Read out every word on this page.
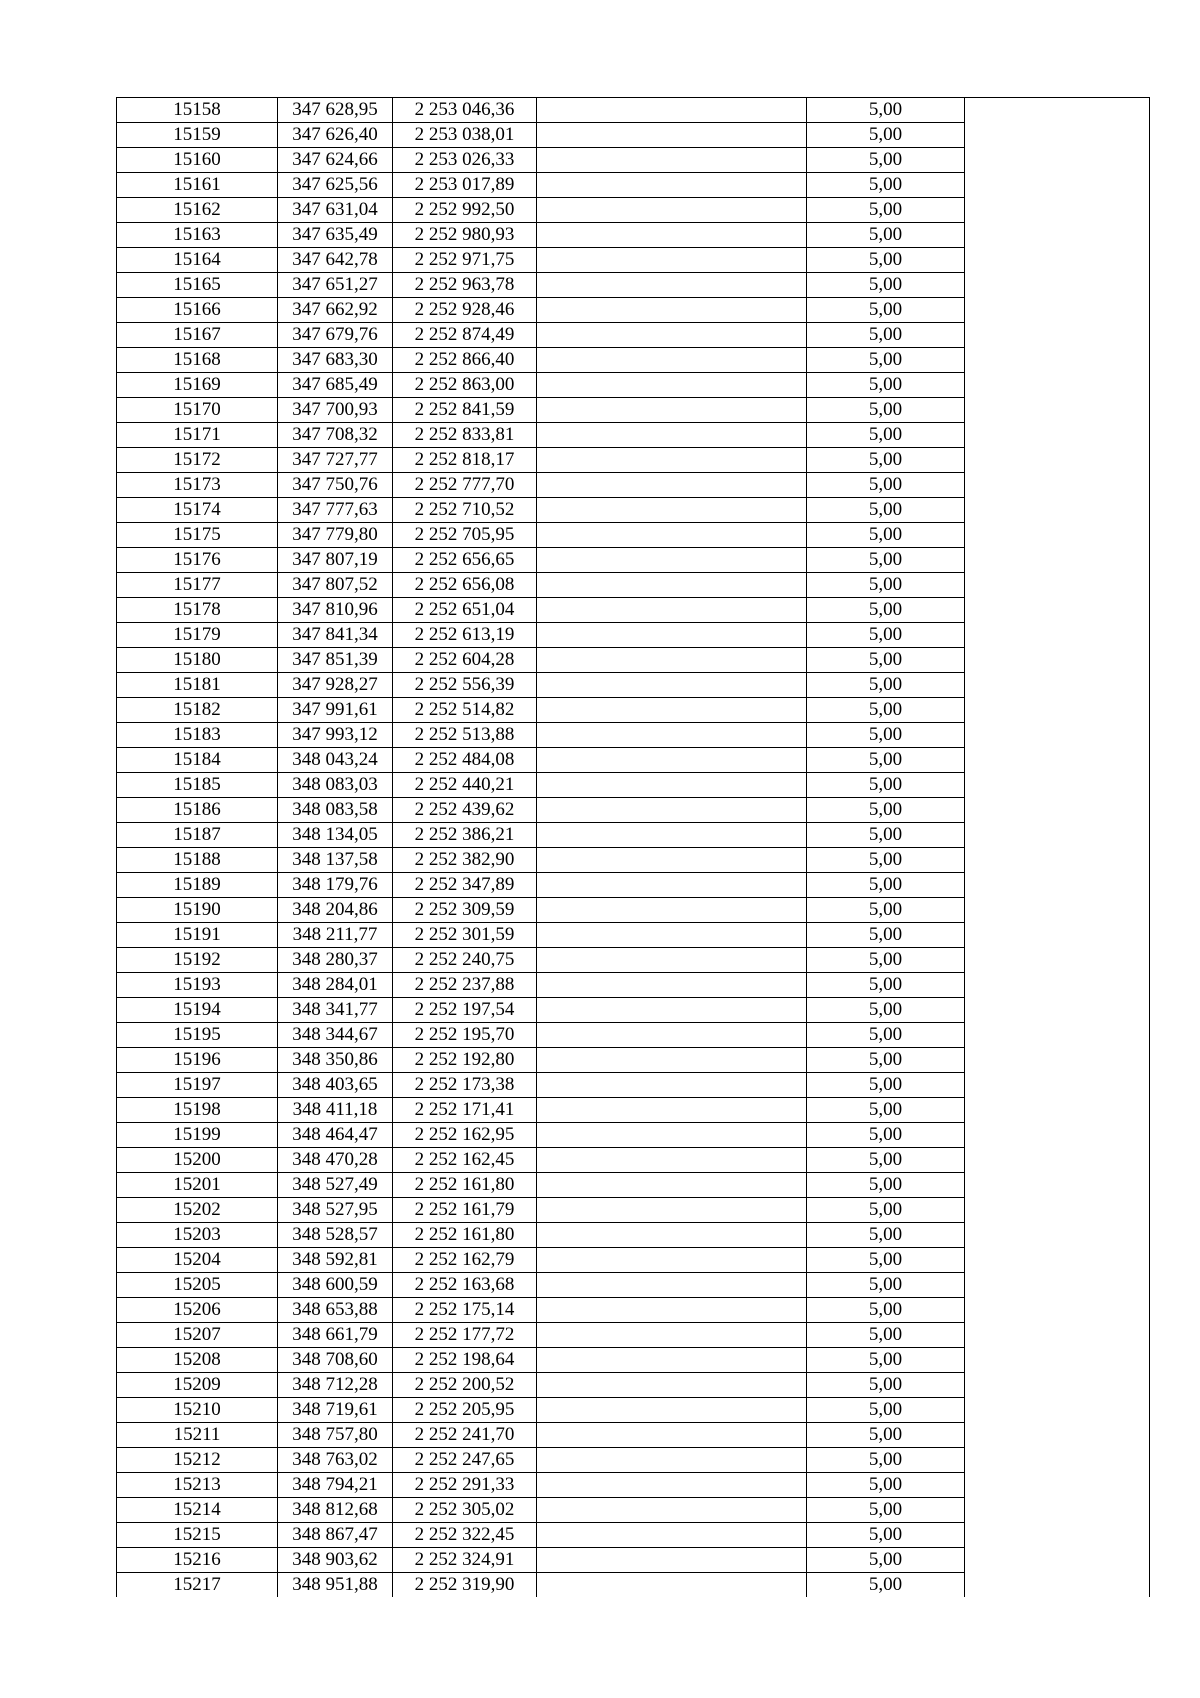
15158	347 628,95	2 253 046,36		5,00	
15159	347 626,40	2 253 038,01		5,00	
15160	347 624,66	2 253 026,33		5,00	
15161	347 625,56	2 253 017,89		5,00	
15162	347 631,04	2 252 992,50		5,00	
15163	347 635,49	2 252 980,93		5,00	
15164	347 642,78	2 252 971,75		5,00	
15165	347 651,27	2 252 963,78		5,00	
15166	347 662,92	2 252 928,46		5,00	
15167	347 679,76	2 252 874,49		5,00	
15168	347 683,30	2 252 866,40		5,00	
15169	347 685,49	2 252 863,00		5,00	
15170	347 700,93	2 252 841,59		5,00	
15171	347 708,32	2 252 833,81		5,00	
15172	347 727,77	2 252 818,17		5,00	
15173	347 750,76	2 252 777,70		5,00	
15174	347 777,63	2 252 710,52		5,00	
15175	347 779,80	2 252 705,95		5,00	
15176	347 807,19	2 252 656,65		5,00	
15177	347 807,52	2 252 656,08		5,00	
15178	347 810,96	2 252 651,04		5,00	
15179	347 841,34	2 252 613,19		5,00	
15180	347 851,39	2 252 604,28		5,00	
15181	347 928,27	2 252 556,39		5,00	
15182	347 991,61	2 252 514,82		5,00	
15183	347 993,12	2 252 513,88		5,00	
15184	348 043,24	2 252 484,08		5,00	
15185	348 083,03	2 252 440,21		5,00	
15186	348 083,58	2 252 439,62		5,00	
15187	348 134,05	2 252 386,21		5,00	
15188	348 137,58	2 252 382,90		5,00	
15189	348 179,76	2 252 347,89		5,00	
15190	348 204,86	2 252 309,59		5,00	
15191	348 211,77	2 252 301,59		5,00	
15192	348 280,37	2 252 240,75		5,00	
15193	348 284,01	2 252 237,88		5,00	
15194	348 341,77	2 252 197,54		5,00	
15195	348 344,67	2 252 195,70		5,00	
15196	348 350,86	2 252 192,80		5,00	
15197	348 403,65	2 252 173,38		5,00	
15198	348 411,18	2 252 171,41		5,00	
15199	348 464,47	2 252 162,95		5,00	
15200	348 470,28	2 252 162,45		5,00	
15201	348 527,49	2 252 161,80		5,00	
15202	348 527,95	2 252 161,79		5,00	
15203	348 528,57	2 252 161,80		5,00	
15204	348 592,81	2 252 162,79		5,00	
15205	348 600,59	2 252 163,68		5,00	
15206	348 653,88	2 252 175,14		5,00	
15207	348 661,79	2 252 177,72		5,00	
15208	348 708,60	2 252 198,64		5,00	
15209	348 712,28	2 252 200,52		5,00	
15210	348 719,61	2 252 205,95		5,00	
15211	348 757,80	2 252 241,70		5,00	
15212	348 763,02	2 252 247,65		5,00	
15213	348 794,21	2 252 291,33		5,00	
15214	348 812,68	2 252 305,02		5,00	
15215	348 867,47	2 252 322,45		5,00	
15216	348 903,62	2 252 324,91		5,00	
15217	348 951,88	2 252 319,90		5,00	
